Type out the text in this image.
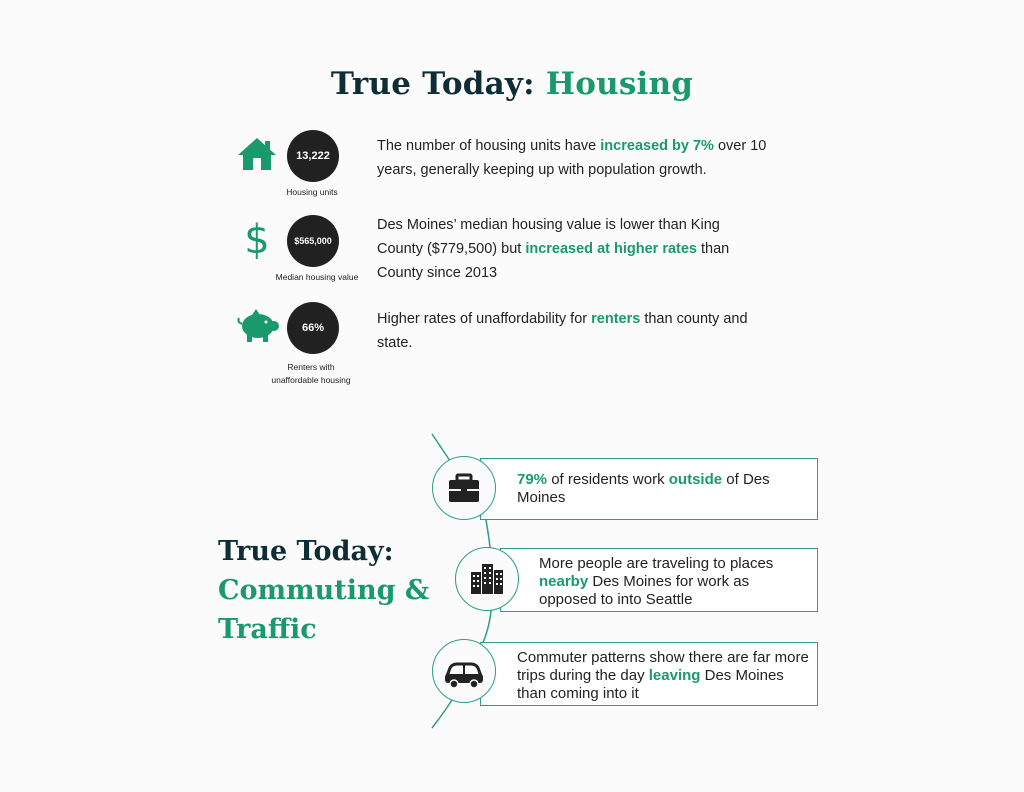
True Today: Housing
13,222
Housing units
The number of housing units have increased by 7% over 10 years, generally keeping up with population growth.
$	$565,000
Median housing value
Des Moines’ median housing value is lower than King County ($779,500) but increased at higher rates than County since 2013
66%
Renters with
unaffordable housing
Higher rates of unaffordability for renters than county and state.
True Today:
Commuting &
Traffic
79% of residents work outside of Des Moines
More people are traveling to places nearby Des Moines for work as opposed to into Seattle
Commuter patterns show there are far more trips during the day leaving Des Moines than coming into it
